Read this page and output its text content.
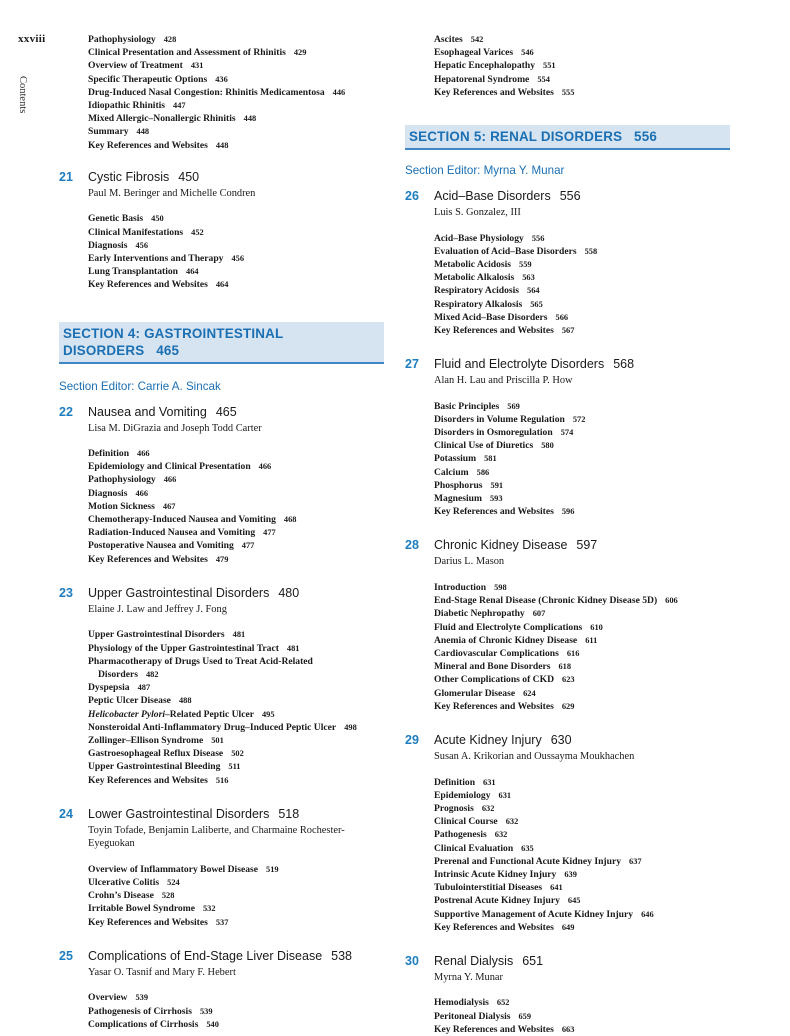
xxviii
Contents
Pathophysiology 428
Clinical Presentation and Assessment of Rhinitis 429
Overview of Treatment 431
Specific Therapeutic Options 436
Drug-Induced Nasal Congestion: Rhinitis Medicamentosa 446
Idiopathic Rhinitis 447
Mixed Allergic–Nonallergic Rhinitis 448
Summary 448
Key References and Websites 448
21	Cystic Fibrosis 450
Paul M. Beringer and Michelle Condren
Genetic Basis 450
Clinical Manifestations 452
Diagnosis 456
Early Interventions and Therapy 456
Lung Transplantation 464
Key References and Websites 464
SECTION 4: GASTROINTESTINAL
DISORDERS 465
Section Editor: Carrie A. Sincak
22	Nausea and Vomiting 465
Lisa M. DiGrazia and Joseph Todd Carter
Definition 466
Epidemiology and Clinical Presentation 466
Pathophysiology 466
Diagnosis 466
Motion Sickness 467
Chemotherapy-Induced Nausea and Vomiting 468
Radiation-Induced Nausea and Vomiting 477
Postoperative Nausea and Vomiting 477
Key References and Websites 479
23	Upper Gastrointestinal Disorders 480
Elaine J. Law and Jeffrey J. Fong
Upper Gastrointestinal Disorders 481
Physiology of the Upper Gastrointestinal Tract 481
Pharmacotherapy of Drugs Used to Treat Acid-Related
Disorders 482
Dyspepsia 487
Peptic Ulcer Disease 488
Helicobacter Pylori–Related Peptic Ulcer 495
Nonsteroidal Anti-Inflammatory Drug–Induced Peptic Ulcer 498
Zollinger–Ellison Syndrome 501
Gastroesophageal Reflux Disease 502
Upper Gastrointestinal Bleeding 511
Key References and Websites 516
24	Lower Gastrointestinal Disorders 518
Toyin Tofade, Benjamin Laliberte, and Charmaine Rochester-Eyeguokan
Overview of Inflammatory Bowel Disease 519
Ulcerative Colitis 524
Crohn’s Disease 528
Irritable Bowel Syndrome 532
Key References and Websites 537
25	Complications of End-Stage Liver Disease 538
Yasar O. Tasnif and Mary F. Hebert
Overview 539
Pathogenesis of Cirrhosis 539
Complications of Cirrhosis 540
Ascites 542
Esophageal Varices 546
Hepatic Encephalopathy 551
Hepatorenal Syndrome 554
Key References and Websites 555
SECTION 5: RENAL DISORDERS 556
Section Editor: Myrna Y. Munar
26	Acid–Base Disorders 556
Luis S. Gonzalez, III
Acid–Base Physiology 556
Evaluation of Acid–Base Disorders 558
Metabolic Acidosis 559
Metabolic Alkalosis 563
Respiratory Acidosis 564
Respiratory Alkalosis 565
Mixed Acid–Base Disorders 566
Key References and Websites 567
27	Fluid and Electrolyte Disorders 568
Alan H. Lau and Priscilla P. How
Basic Principles 569
Disorders in Volume Regulation 572
Disorders in Osmoregulation 574
Clinical Use of Diuretics 580
Potassium 581
Calcium 586
Phosphorus 591
Magnesium 593
Key References and Websites 596
28	Chronic Kidney Disease 597
Darius L. Mason
Introduction 598
End-Stage Renal Disease (Chronic Kidney Disease 5D) 606
Diabetic Nephropathy 607
Fluid and Electrolyte Complications 610
Anemia of Chronic Kidney Disease 611
Cardiovascular Complications 616
Mineral and Bone Disorders 618
Other Complications of CKD 623
Glomerular Disease 624
Key References and Websites 629
29	Acute Kidney Injury 630
Susan A. Krikorian and Oussayma Moukhachen
Definition 631
Epidemiology 631
Prognosis 632
Clinical Course 632
Pathogenesis 632
Clinical Evaluation 635
Prerenal and Functional Acute Kidney Injury 637
Intrinsic Acute Kidney Injury 639
Tubulointerstitial Diseases 641
Postrenal Acute Kidney Injury 645
Supportive Management of Acute Kidney Injury 646
Key References and Websites 649
30	Renal Dialysis 651
Myrna Y. Munar
Hemodialysis 652
Peritoneal Dialysis 659
Key References and Websites 663
